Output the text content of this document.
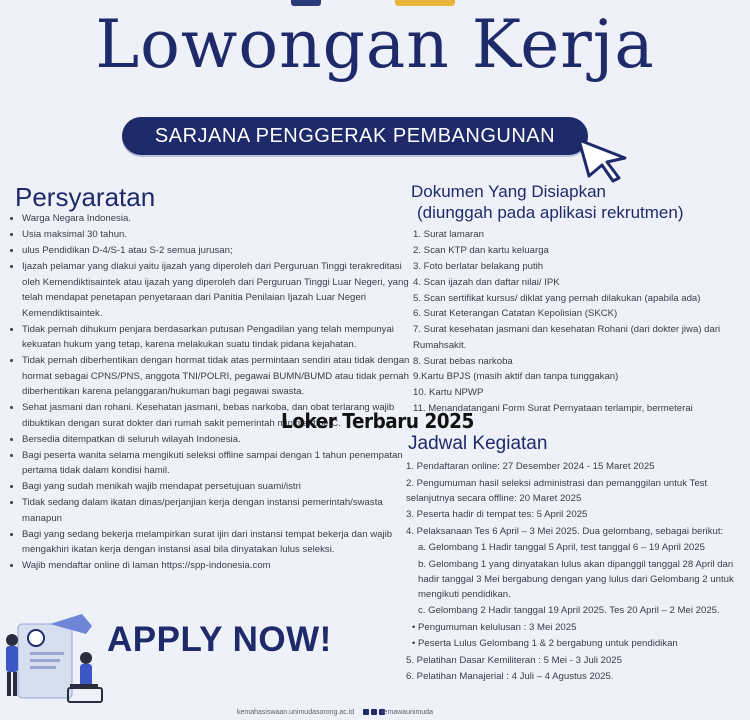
Lowongan Kerja
SARJANA PENGGERAK PEMBANGUNAN
Persyaratan
• Warga Negara Indonesia.
• Usia maksimal 30 tahun.
• ulus Pendidikan D-4/S-1 atau S-2 semua jurusan;
• Ijazah pelamar yang diakui yaitu ijazah yang diperoleh dari Perguruan Tinggi terakreditasi oleh Kemendiktisaintek atau ijazah yang diperoleh dari Perguruan Tinggi Luar Negeri, yang telah mendapat penetapan penyetaraan dari Panitia Penilaian Ijazah Luar Negeri Kemendiktisaintek.
• Tidak pernah dihukum penjara berdasarkan putusan Pengadilan yang telah mempunyai kekuatan hukum yang tetap, karena melakukan suatu tindak pidana kejahatan.
• Tidak pernah diberhentikan dengan hormat tidak atas permintaan sendiri atau tidak dengan hormat sebagai CPNS/PNS, anggota TNI/POLRI, pegawai BUMN/BUMD atau tidak pernah diberhentikan karena pelanggaran/hukuman bagi pegawai swasta.
• Sehat jasmani dan rohani. Kesehatan jasmani, bebas narkoba, dan obat terlarang wajib dibuktikan dengan surat dokter dari rumah sakit pemerintah minimal tipe C.
• Bersedia ditempatkan di seluruh wilayah Indonesia.
• Bagi peserta wanita selama mengikuti seleksi offline sampai dengan 1 tahun penempatan pertama tidak dalam kondisi hamil.
• Bagi yang sudah menikah wajib mendapat persetujuan suami/istri
• Tidak sedang dalam ikatan dinas/perjanjian kerja dengan instansi pemerintah/swasta manapun
• Bagi yang sedang bekerja melampirkan surat ijin dari instansi tempat bekerja dan wajib mengakhiri ikatan kerja dengan instansi asal bila dinyatakan lulus seleksi.
• Wajib mendaftar online di laman https://spp-indonesia.com
Dokumen Yang Disiapkan
(diunggah pada aplikasi rekrutmen)
1. Surat lamaran
2. Scan KTP dan kartu keluarga
3. Foto berlatar belakang putih
4. Scan ijazah dan daftar nilai/ IPK
5. Scan sertifikat kursus/ diklat yang pernah dilakukan (apabila ada)
6. Surat Keterangan Catatan Kepolisian (SKCK)
7. Surat kesehatan jasmani dan kesehatan Rohani (dari dokter jiwa) dari Rumahsakit.
8. Surat bebas narkoba
9.Kartu BPJS (masih aktif dan tanpa tunggakan)
10. Kartu NPWP
11. Menandatangani Form Surat Pernyataan terlampir, bermeterai
Loker Terbaru 2025
Jadwal Kegiatan
1. Pendaftaran online: 27 Desember 2024 - 15 Maret 2025
2. Pengumuman hasil seleksi administrasi dan pemanggilan untuk Test selanjutnya secara offline: 20 Maret 2025
3. Peserta hadir di tempat tes: 5 April 2025
4. Pelaksanaan Tes 6 April – 3 Mei 2025. Dua gelombang, sebagai berikut:
a. Gelombang 1 Hadir tanggal 5 April, test tanggal 6 – 19 April 2025
b. Gelombang 1 yang dinyatakan lulus akan dipanggil tanggal 28 April dan hadir tanggal 3 Mei bergabung dengan yang lulus dari Gelombang 2 untuk mengikuti pendidikan.
c. Gelombang 2 Hadir tanggal 19 April 2025. Tes 20 April – 2 Mei 2025.
• Pengumuman kelulusan : 3 Mei 2025
• Peserta Lulus Gelombang 1 & 2 bergabung untuk pendidikan
5. Pelatihan Dasar Kemiliteran : 5 Mei - 3 Juli 2025
6. Pelatihan Manajerial : 4 Juli – 4 Agustus 2025.
APPLY NOW!
kemahasiswaan.unimudasorong.ac.id	lemawaunimuda
